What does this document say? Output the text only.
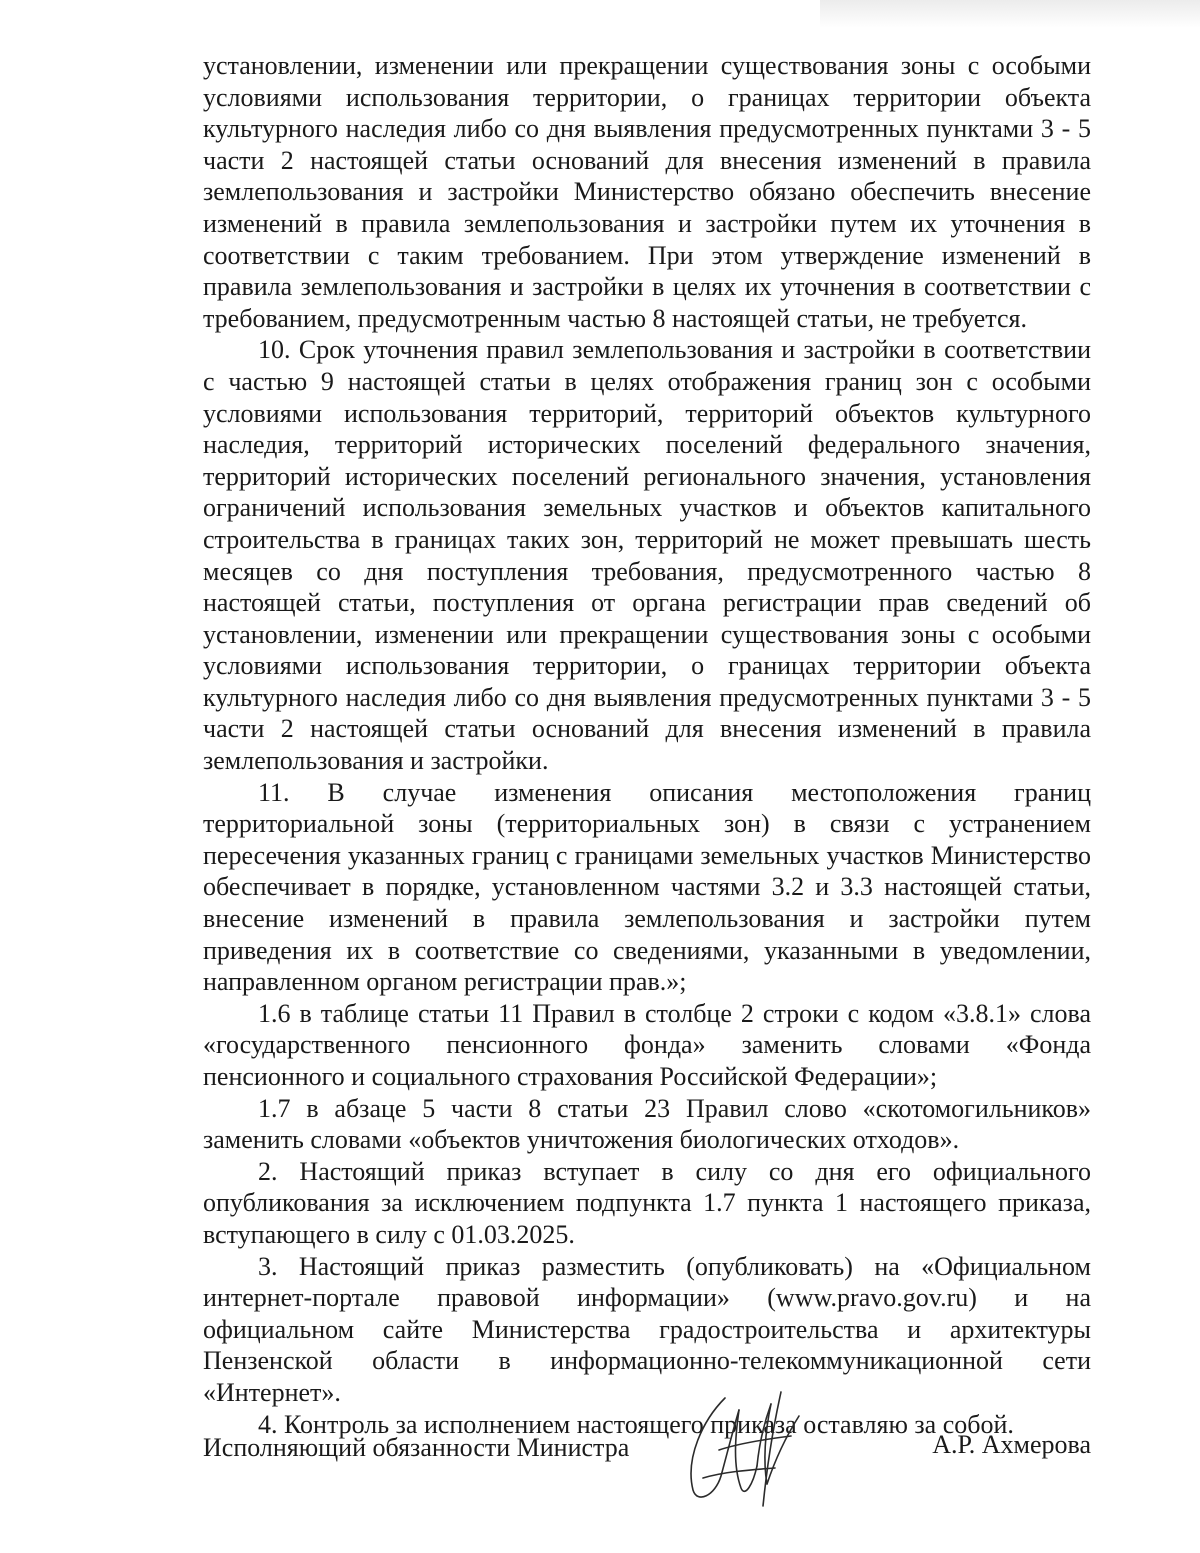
установлении, изменении или прекращении существования зоны с особыми условиями использования территории, о границах территории объекта культурного наследия либо со дня выявления предусмотренных пунктами 3 - 5 части 2 настоящей статьи оснований для внесения изменений в правила землепользования и застройки Министерство обязано обеспечить внесение изменений в правила землепользования и застройки путем их уточнения в соответствии с таким требованием. При этом утверждение изменений в правила землепользования и застройки в целях их уточнения в соответствии с требованием, предусмотренным частью 8 настоящей статьи, не требуется.

10. Срок уточнения правил землепользования и застройки в соответствии с частью 9 настоящей статьи в целях отображения границ зон с особыми условиями использования территорий, территорий объектов культурного наследия, территорий исторических поселений федерального значения, территорий исторических поселений регионального значения, установления ограничений использования земельных участков и объектов капитального строительства в границах таких зон, территорий не может превышать шесть месяцев со дня поступления требования, предусмотренного частью 8 настоящей статьи, поступления от органа регистрации прав сведений об установлении, изменении или прекращении существования зоны с особыми условиями использования территории, о границах территории объекта культурного наследия либо со дня выявления предусмотренных пунктами 3 - 5 части 2 настоящей статьи оснований для внесения изменений в правила землепользования и застройки.

11. В случае изменения описания местоположения границ территориальной зоны (территориальных зон) в связи с устранением пересечения указанных границ с границами земельных участков Министерство обеспечивает в порядке, установленном частями 3.2 и 3.3 настоящей статьи, внесение изменений в правила землепользования и застройки путем приведения их в соответствие со сведениями, указанными в уведомлении, направленном органом регистрации прав.»;

1.6 в таблице статьи 11 Правил в столбце 2 строки с кодом «3.8.1» слова «государственного пенсионного фонда» заменить словами «Фонда пенсионного и социального страхования Российской Федерации»;

1.7 в абзаце 5 части 8 статьи 23 Правил слово «скотомогильников» заменить словами «объектов уничтожения биологических отходов».

2. Настоящий приказ вступает в силу со дня его официального опубликования за исключением подпункта 1.7 пункта 1 настоящего приказа, вступающего в силу с 01.03.2025.

3. Настоящий приказ разместить (опубликовать) на «Официальном интернет-портале правовой информации» (www.pravo.gov.ru) и на официальном сайте Министерства градостроительства и архитектуры Пензенской области в информационно-телекоммуникационной сети «Интернет».

4. Контроль за исполнением настоящего приказа оставляю за собой.

Исполняющий обязанности Министра	А.Р. Ахмерова
